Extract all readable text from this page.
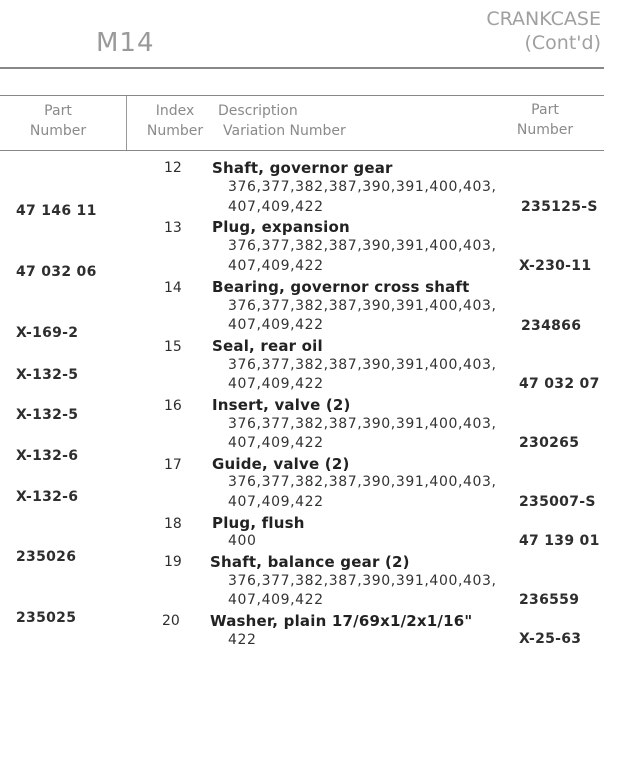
M14
CRANKCASE
(Cont'd)
Part
Number
Index
Number
Description
Variation Number
Part
Number
12 Shaft, governor gear
376,377,382,387,390,391,400,403,
407,409,422
13 Plug, expansion
376,377,382,387,390,391,400,403,
407,409,422
14 Bearing, governor cross shaft
376,377,382,387,390,391,400,403,
407,409,422
15 Seal, rear oil
376,377,382,387,390,391,400,403,
407,409,422
16 Insert, valve (2)
376,377,382,387,390,391,400,403,
407,409,422
17 Guide, valve (2)
376,377,382,387,390,391,400,403,
407,409,422
18 Plug, flush
400
19 Shaft, balance gear (2)
376,377,382,387,390,391,400,403,
407,409,422
20 Washer, plain 17/69x1/2x1/16"
422
47 146 11
47 032 06
X-169-2
X-132-5
X-132-5
X-132-6
X-132-6
235026
235025
235125-S
X-230-11
234866
47 032 07
230265
235007-S
47 139 01
236559
X-25-63
